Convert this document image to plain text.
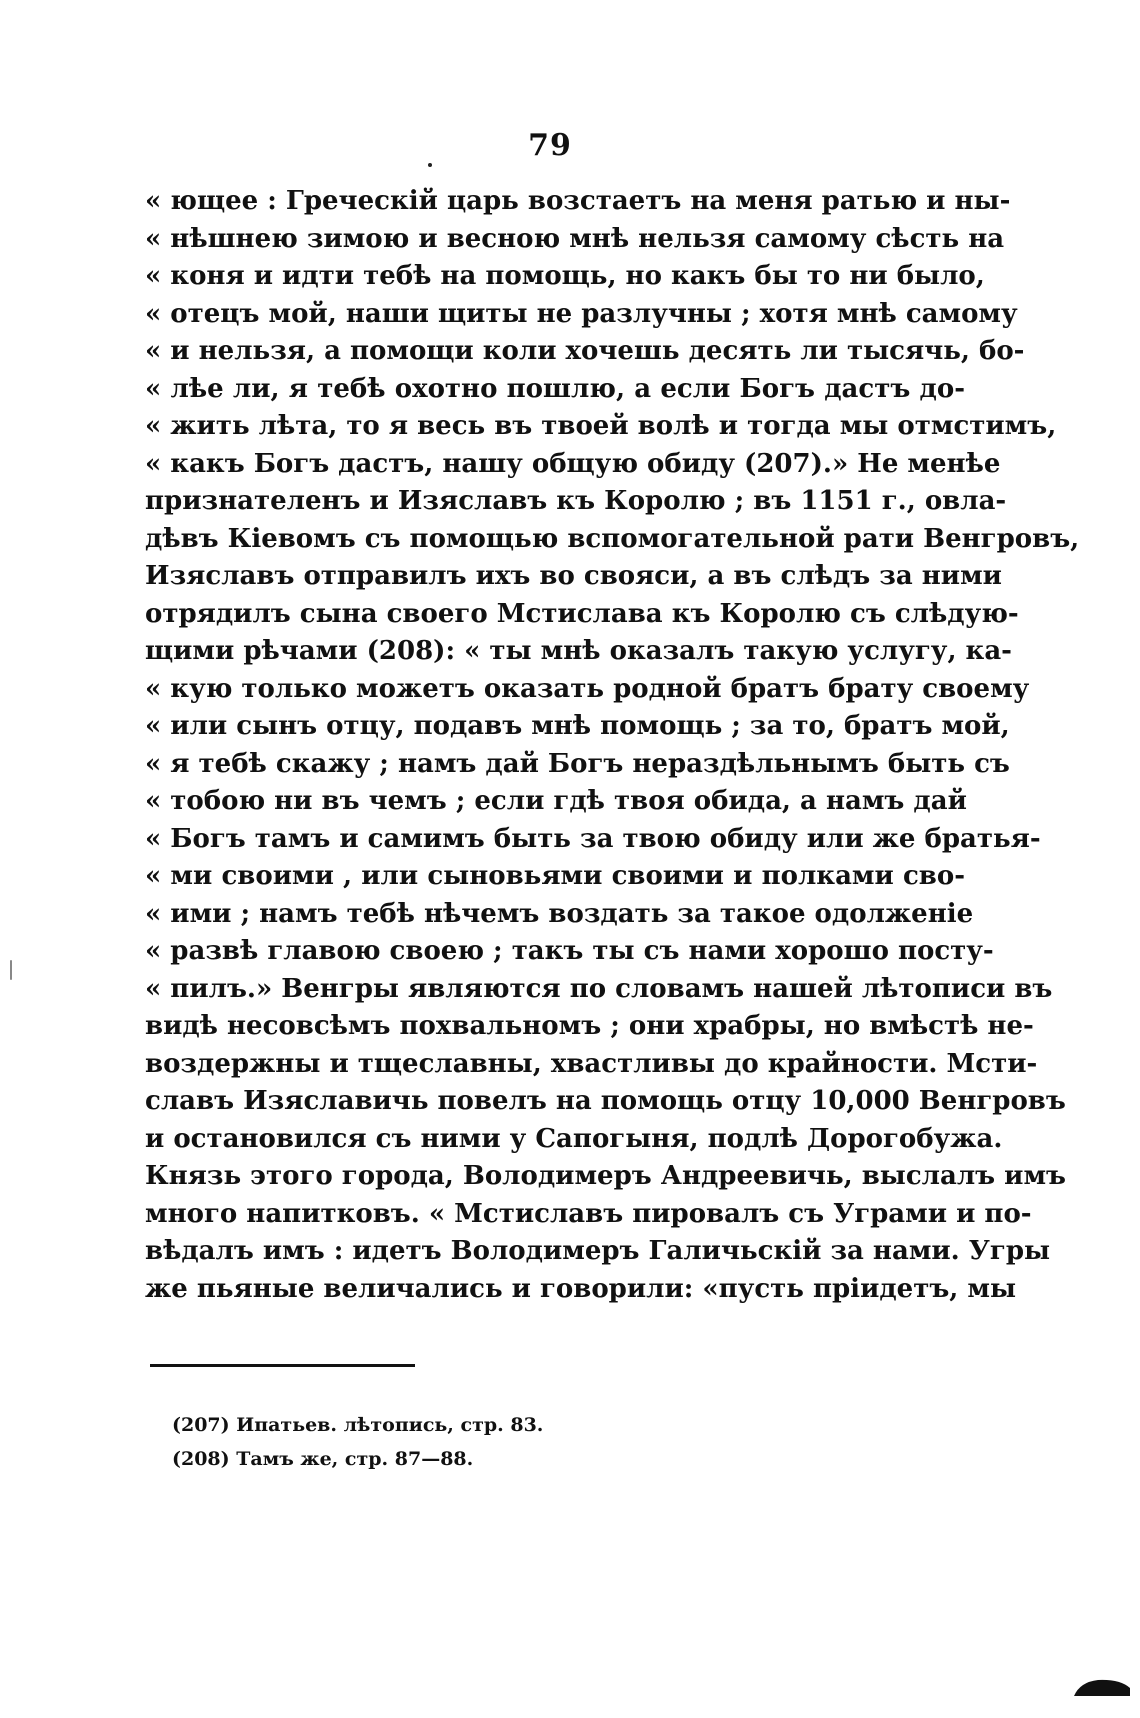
79
« ющее : Греческій царь возстаетъ на меня ратью и ны-
« нѣшнею зимою и весною мнѣ нельзя самому сѣсть на
« коня и идти тебѣ на помощь, но какъ бы то ни было,
« отецъ мой, наши щиты не разлучны ; хотя мнѣ самому
« и нельзя, а помощи коли хочешь десять ли тысячь, бо-
« лѣе ли, я тебѣ охотно пошлю, а если Богъ дастъ до-
« жить лѣта, то я весь въ твоей волѣ и тогда мы отмстимъ,
« какъ Богъ дастъ, нашу общую обиду (207).» Не менѣе
признателенъ и Изяславъ къ Королю ; въ 1151 г., овла-
дѣвъ Кіевомъ съ помощью вспомогательной рати Венгровъ,
Изяславъ отправилъ ихъ во свояси, а въ слѣдъ за ними
отрядилъ сына своего Мстислава къ Королю съ слѣдую-
щими рѣчами (208): « ты мнѣ оказалъ такую услугу, ка-
« кую только можетъ оказать родной братъ брату своему
« или сынъ отцу, подавъ мнѣ помощь ; за то, братъ мой,
« я тебѣ скажу ; намъ дай Богъ нераздѣльнымъ быть съ
« тобою ни въ чемъ ; если гдѣ твоя обида, а намъ дай
« Богъ тамъ и самимъ быть за твою обиду или же братья-
« ми своими , или сыновьями своими и полками сво-
« ими ; намъ тебѣ нѣчемъ воздать за такое одолженіе
« развѣ главою своею ; такъ ты съ нами хорошо посту-
« пилъ.» Венгры являются по словамъ нашей лѣтописи въ
видѣ несовсѣмъ похвальномъ ; они храбры, но вмѣстѣ не-
воздержны и тщеславны, хвастливы до крайности. Мсти-
славъ Изяславичь повелъ на помощь отцу 10,000 Венгровъ
и остановился съ ними у Сапогыня, подлѣ Дорогобужа.
Князь этого города, Володимеръ Андреевичь, выслалъ имъ
много напитковъ. « Мстиславъ пировалъ съ Уграми и по-
вѣдалъ имъ : идетъ Володимеръ Галичьскій за нами. Угры
же пьяные величались и говорили: «пусть пріидетъ, мы
(207) Ипатьев. лѣтопись, стр. 83.
(208) Тамъ же, стр. 87—88.
